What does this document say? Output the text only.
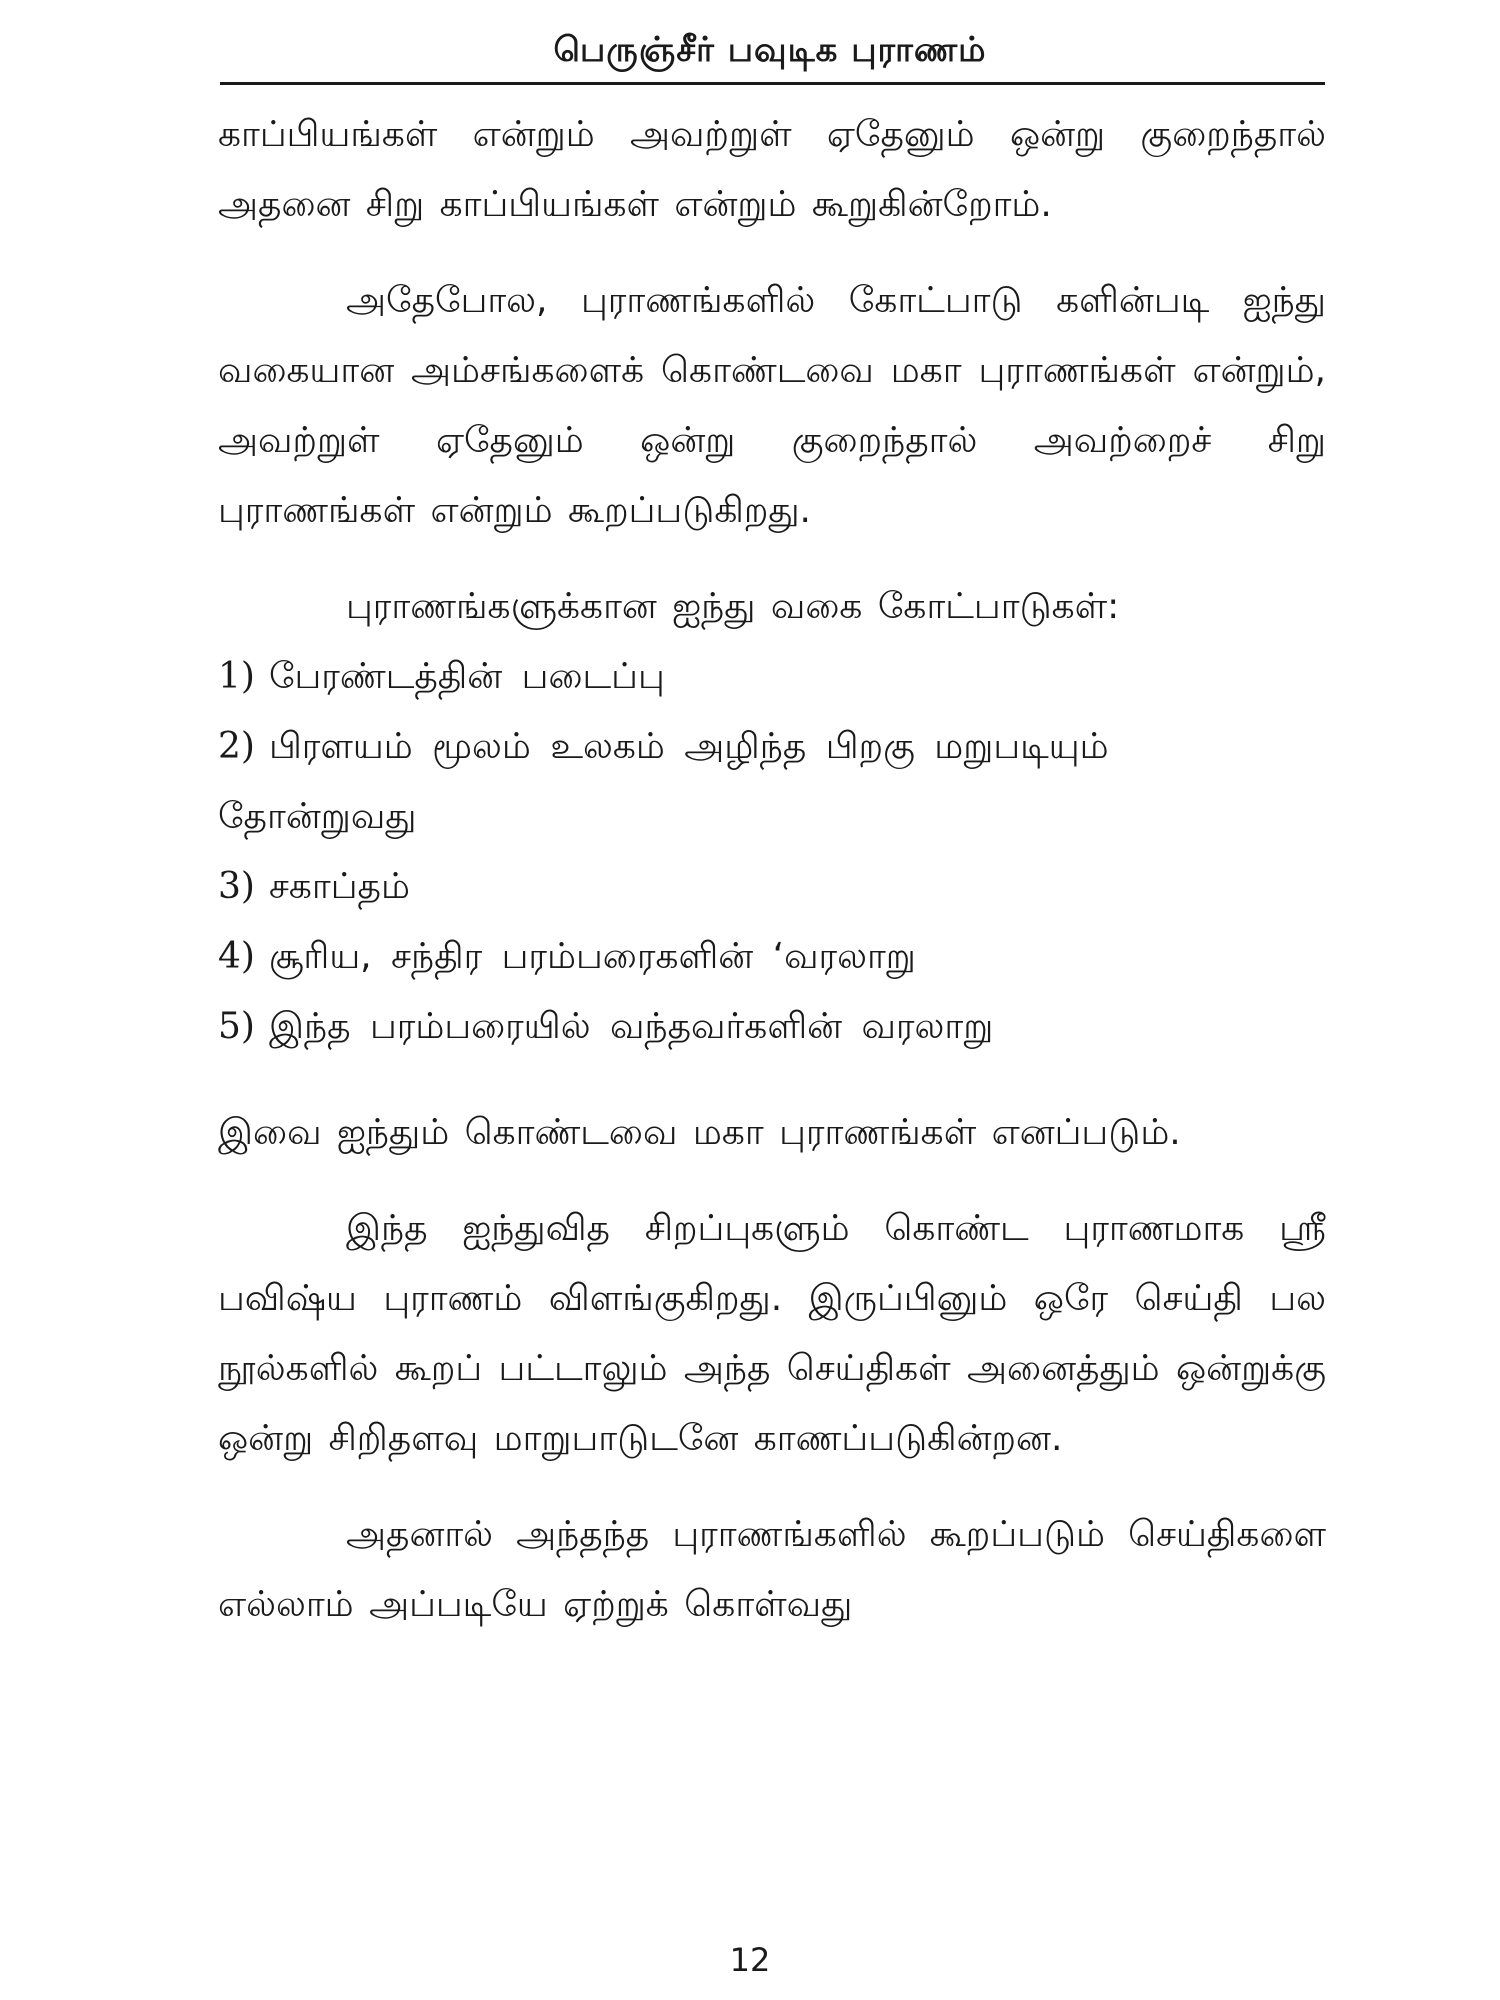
பெருஞ்சீர் பவுடிக புராணம்

காப்பியங்கள் என்றும் அவற்றுள் ஏதேனும் ஒன்று குறைந்தால் அதனை சிறு காப்பியங்கள் என்றும் கூறுகின்றோம்.

அதேபோல, புராணங்களில் கோட்பாடு களின்படி ஐந்து வகையான அம்சங்களைக் கொண்டவை மகா புராணங்கள் என்றும், அவற்றுள் ஏதேனும் ஒன்று குறைந்தால் அவற்றைச் சிறு புராணங்கள் என்றும் கூறப்படுகிறது.

புராணங்களுக்கான ஐந்து வகை கோட்பாடுகள்:

1) பேரண்டத்தின் படைப்பு

2) பிரளயம் மூலம் உலகம் அழிந்த பிறகு மறுபடியும் தோன்றுவது

3) சகாப்தம்

4) சூரிய, சந்திர பரம்பரைகளின் ‘வரலாறு

5) இந்த பரம்பரையில் வந்தவர்களின் வரலாறு

இவை ஐந்தும் கொண்டவை மகா புராணங்கள் எனப்படும்.

இந்த ஐந்துவித சிறப்புகளும் கொண்ட புராணமாக ஸ்ரீ பவிஷ்ய புராணம் விளங்குகிறது. இருப்பினும் ஒரே செய்தி பல நூல்களில் கூறப் பட்டாலும் அந்த செய்திகள் அனைத்தும் ஒன்றுக்கு ஒன்று சிறிதளவு மாறுபாடுடனே காணப்படுகின்றன.

அதனால் அந்தந்த புராணங்களில் கூறப்படும் செய்திகளை எல்லாம் அப்படியே ஏற்றுக் கொள்வது

12
